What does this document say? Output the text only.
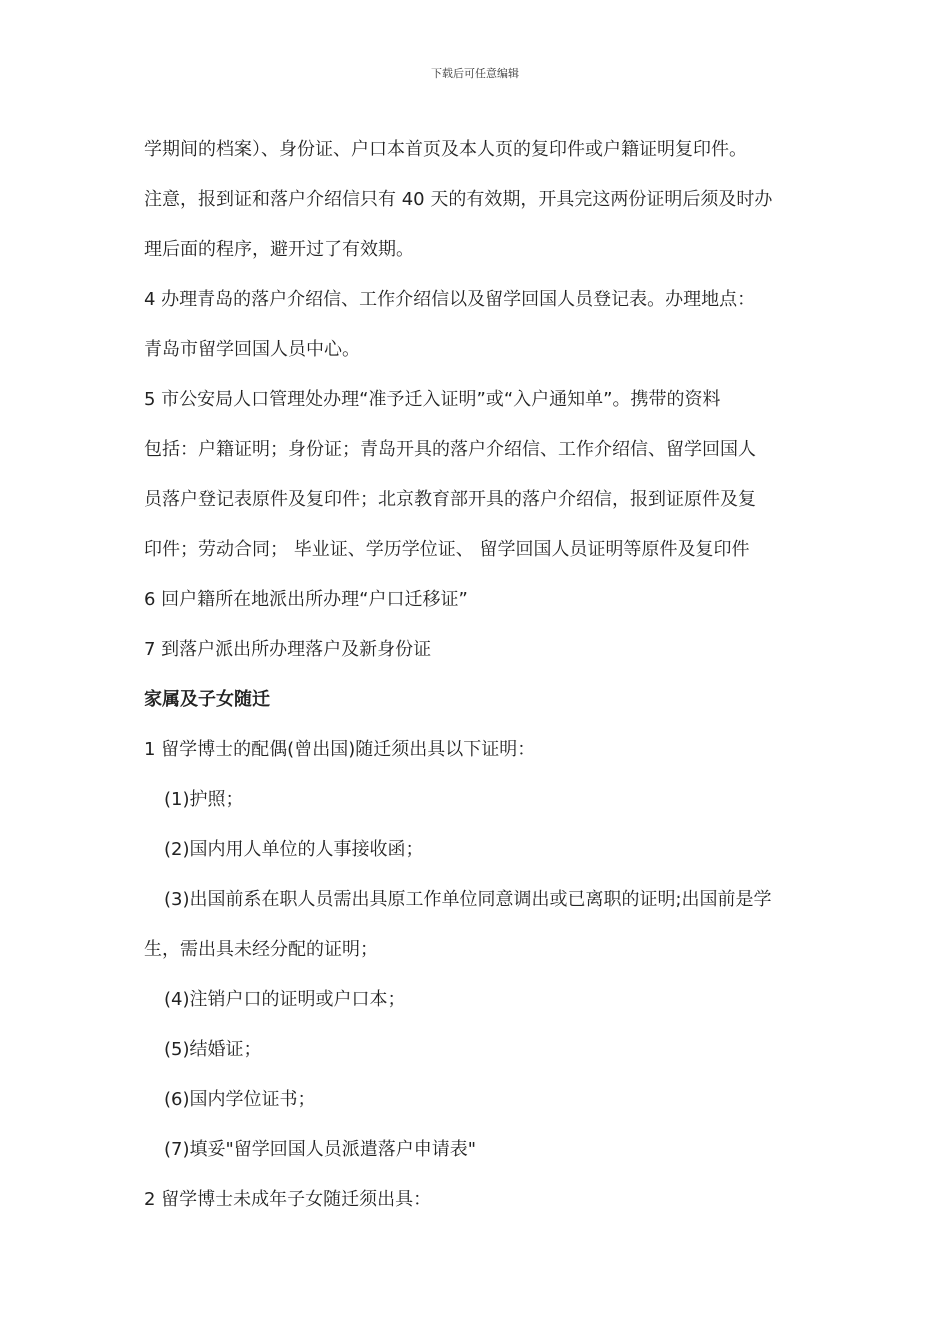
下载后可任意编辑
学期间的档案）、身份证、户口本首页及本人页的复印件或户籍证明复印件。
注意，报到证和落户介绍信只有 40 天的有效期，开具完这两份证明后须及时办
理后面的程序，避开过了有效期。
4 办理青岛的落户介绍信、工作介绍信以及留学回国人员登记表。办理地点：
青岛市留学回国人员中心。
5 市公安局人口管理处办理“准予迁入证明”或“入户通知单”。携带的资料
包括：户籍证明；身份证；青岛开具的落户介绍信、工作介绍信、留学回国人
员落户登记表原件及复印件；北京教育部开具的落户介绍信，报到证原件及复
印件；劳动合同； 毕业证、学历学位证、 留学回国人员证明等原件及复印件
6 回户籍所在地派出所办理“户口迁移证”
7 到落户派出所办理落户及新身份证
家属及子女随迁
1 留学博士的配偶(曾出国)随迁须出具以下证明：
(1)护照；
(2)国内用人单位的人事接收函；
(3)出国前系在职人员需出具原工作单位同意调出或已离职的证明;出国前是学
生，需出具未经分配的证明；
(4)注销户口的证明或户口本；
(5)结婚证；
(6)国内学位证书；
(7)填妥"留学回国人员派遣落户申请表"
2 留学博士未成年子女随迁须出具：
